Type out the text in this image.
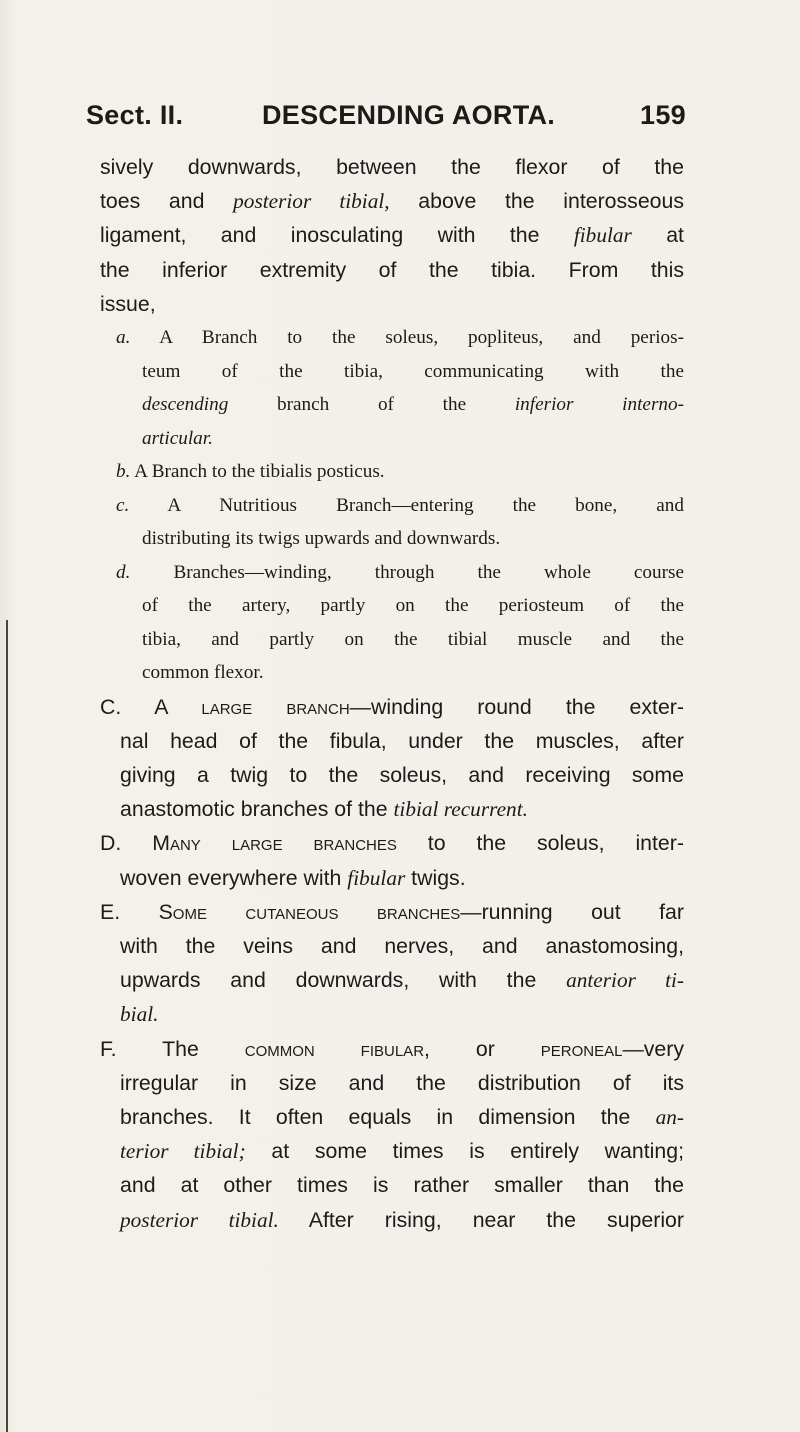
Sect. II.	DESCENDING AORTA.	159
sively downwards, between the flexor of the
toes and posterior tibial, above the interosseous
ligament, and inosculating with the fibular at
the inferior extremity of the tibia. From this
issue,
a. A Branch to the soleus, popliteus, and perios-
teum of the tibia, communicating with the
descending branch of the inferior interno-
articular.
b. A Branch to the tibialis posticus.
c. A Nutritious Branch—entering the bone, and
distributing its twigs upwards and downwards.
d. Branches—winding, through the whole course
of the artery, partly on the periosteum of the
tibia, and partly on the tibial muscle and the
common flexor.
C. A large branch—winding round the exter-
nal head of the fibula, under the muscles, after
giving a twig to the soleus, and receiving some
anastomotic branches of the tibial recurrent.
D. Many large branches to the soleus, inter-
woven everywhere with fibular twigs.
E. Some cutaneous branches—running out far
with the veins and nerves, and anastomosing,
upwards and downwards, with the anterior ti-
bial.
F. The common fibular, or peroneal—very
irregular in size and the distribution of its
branches. It often equals in dimension the an-
terior tibial; at some times is entirely wanting;
and at other times is rather smaller than the
posterior tibial. After rising, near the superior
